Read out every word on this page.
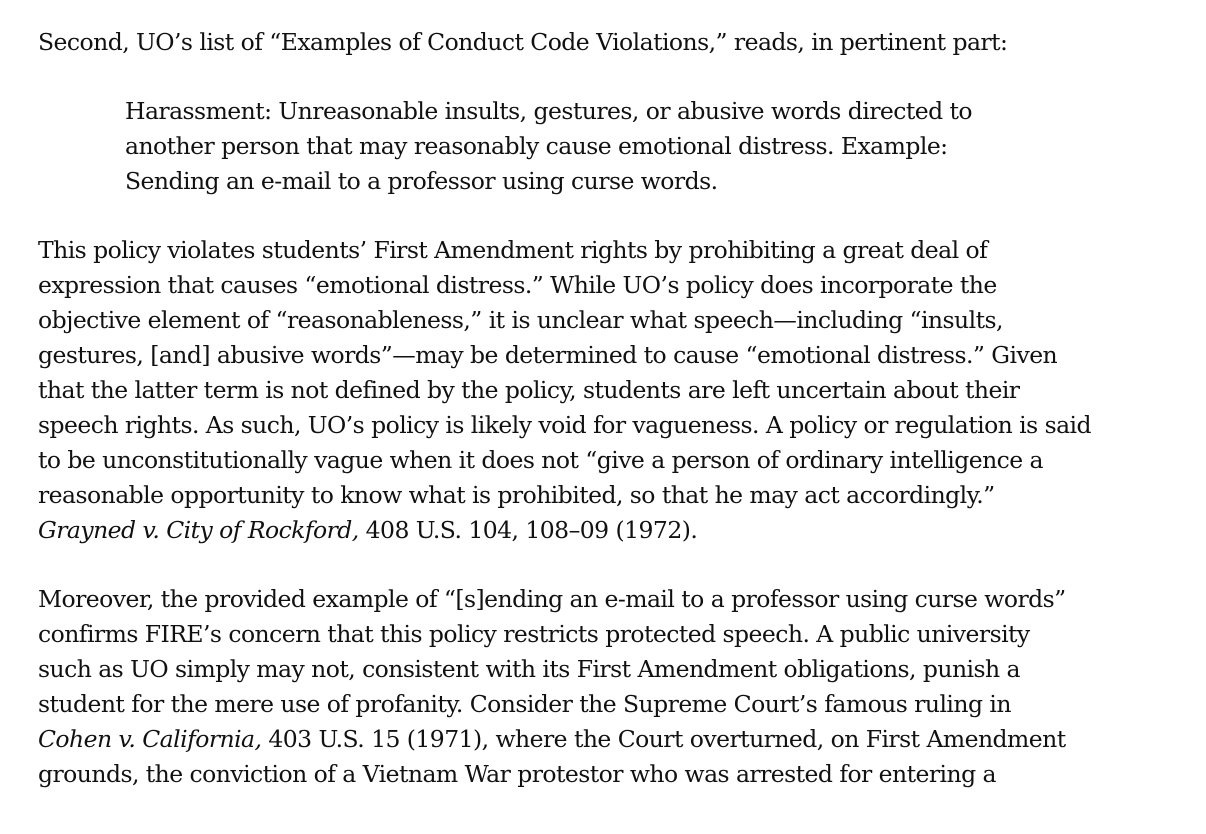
Second, UO’s list of “Examples of Conduct Code Violations,” reads, in pertinent part:
Harassment: Unreasonable insults, gestures, or abusive words directed to
another person that may reasonably cause emotional distress. Example:
Sending an e-mail to a professor using curse words.
This policy violates students’ First Amendment rights by prohibiting a great deal of
expression that causes “emotional distress.” While UO’s policy does incorporate the
objective element of “reasonableness,” it is unclear what speech—including “insults,
gestures, [and] abusive words”—may be determined to cause “emotional distress.” Given
that the latter term is not defined by the policy, students are left uncertain about their
speech rights. As such, UO’s policy is likely void for vagueness. A policy or regulation is said
to be unconstitutionally vague when it does not “give a person of ordinary intelligence a
reasonable opportunity to know what is prohibited, so that he may act accordingly.”
Grayned v. City of Rockford, 408 U.S. 104, 108–09 (1972).
Moreover, the provided example of “[s]ending an e-mail to a professor using curse words”
confirms FIRE’s concern that this policy restricts protected speech. A public university
such as UO simply may not, consistent with its First Amendment obligations, punish a
student for the mere use of profanity. Consider the Supreme Court’s famous ruling in
Cohen v. California, 403 U.S. 15 (1971), where the Court overturned, on First Amendment
grounds, the conviction of a Vietnam War protestor who was arrested for entering a
